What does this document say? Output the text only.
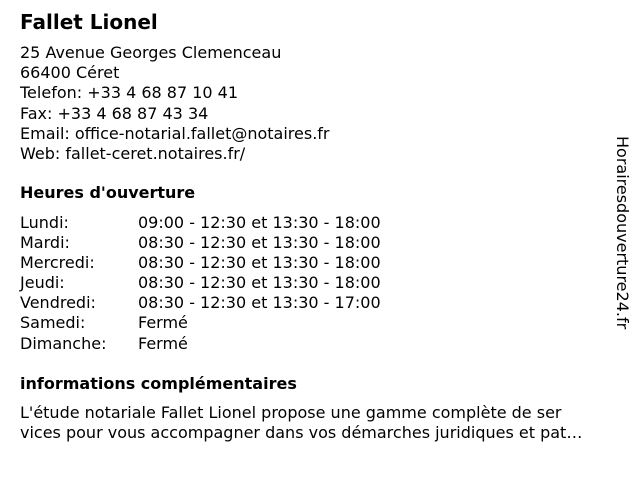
Fallet Lionel
25 Avenue Georges Clemenceau
66400 Céret
Telefon: +33 4 68 87 10 41
Fax: +33 4 68 87 43 34
Email: office-notarial.fallet@notaires.fr
Web: fallet-ceret.notaires.fr/
Heures d'ouverture
Lundi:	09:00 - 12:30 et 13:30 - 18:00
Mardi:	08:30 - 12:30 et 13:30 - 18:00
Mercredi:	08:30 - 12:30 et 13:30 - 18:00
Jeudi:	08:30 - 12:30 et 13:30 - 18:00
Vendredi:	08:30 - 12:30 et 13:30 - 17:00
Samedi:	Fermé
Dimanche: Fermé
informations complémentaires
L'étude notariale Fallet Lionel propose une gamme complète de ser
vices pour vous accompagner dans vos démarches juridiques et pat…
Horairesdouverture24.fr
